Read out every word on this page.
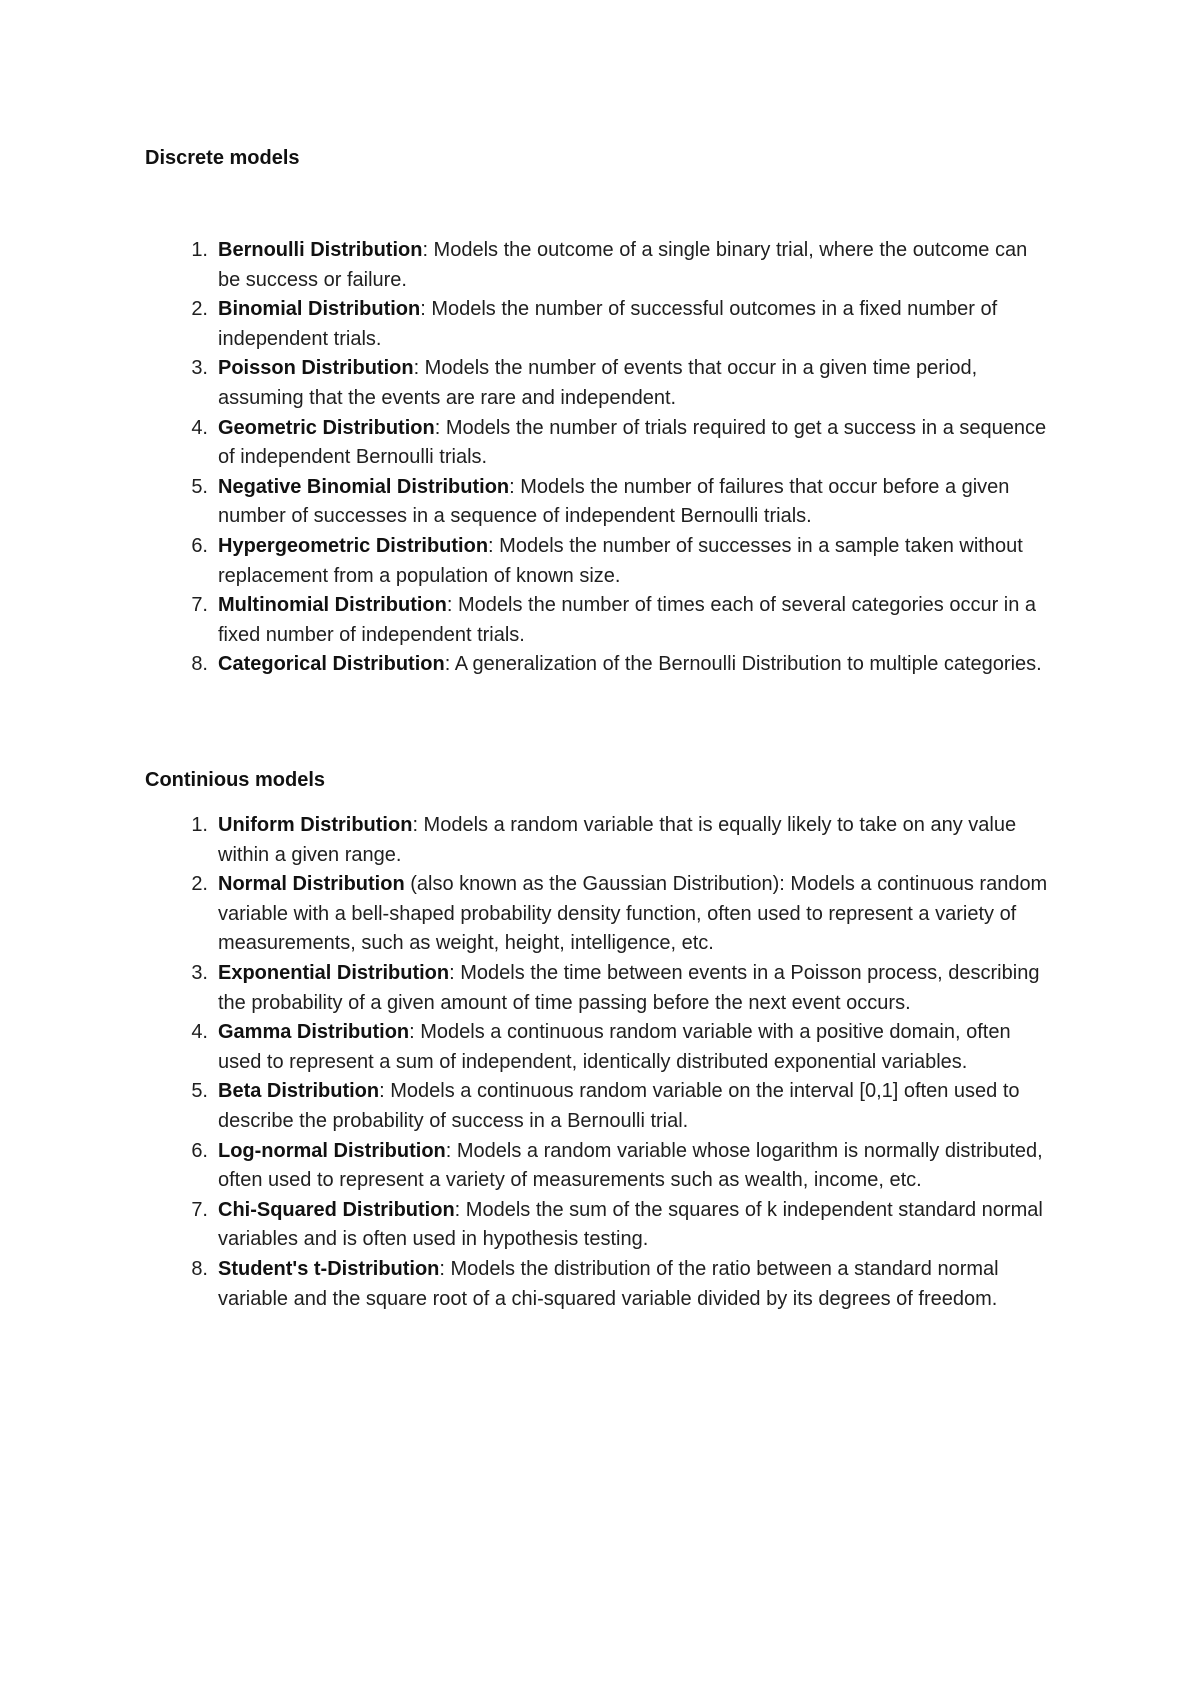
Discrete models
1. Bernoulli Distribution: Models the outcome of a single binary trial, where the outcome can be success or failure.
2. Binomial Distribution: Models the number of successful outcomes in a fixed number of independent trials.
3. Poisson Distribution: Models the number of events that occur in a given time period, assuming that the events are rare and independent.
4. Geometric Distribution: Models the number of trials required to get a success in a sequence of independent Bernoulli trials.
5. Negative Binomial Distribution: Models the number of failures that occur before a given number of successes in a sequence of independent Bernoulli trials.
6. Hypergeometric Distribution: Models the number of successes in a sample taken without replacement from a population of known size.
7. Multinomial Distribution: Models the number of times each of several categories occur in a fixed number of independent trials.
8. Categorical Distribution: A generalization of the Bernoulli Distribution to multiple categories.
Continious models
1. Uniform Distribution: Models a random variable that is equally likely to take on any value within a given range.
2. Normal Distribution (also known as the Gaussian Distribution): Models a continuous random variable with a bell-shaped probability density function, often used to represent a variety of measurements, such as weight, height, intelligence, etc.
3. Exponential Distribution: Models the time between events in a Poisson process, describing the probability of a given amount of time passing before the next event occurs.
4. Gamma Distribution: Models a continuous random variable with a positive domain, often used to represent a sum of independent, identically distributed exponential variables.
5. Beta Distribution: Models a continuous random variable on the interval [0,1] often used to describe the probability of success in a Bernoulli trial.
6. Log-normal Distribution: Models a random variable whose logarithm is normally distributed, often used to represent a variety of measurements such as wealth, income, etc.
7. Chi-Squared Distribution: Models the sum of the squares of k independent standard normal variables and is often used in hypothesis testing.
8. Student's t-Distribution: Models the distribution of the ratio between a standard normal variable and the square root of a chi-squared variable divided by its degrees of freedom.
